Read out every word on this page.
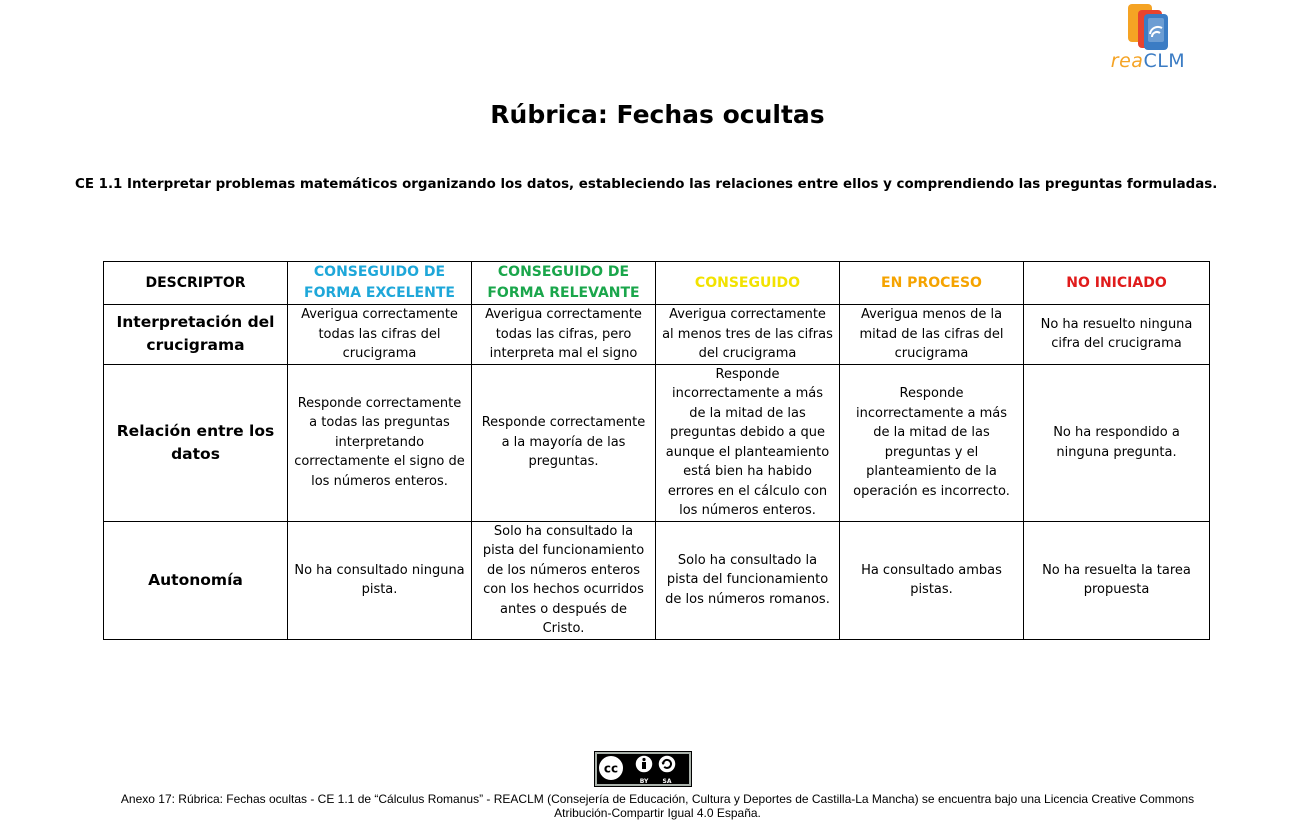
reaCLM
Rúbrica: Fechas ocultas
CE 1.1 Interpretar problemas matemáticos organizando los datos, estableciendo las relaciones entre ellos y comprendiendo las preguntas formuladas.
DESCRIPTOR	CONSEGUIDO DE FORMA EXCELENTE	CONSEGUIDO DE FORMA RELEVANTE	CONSEGUIDO	EN PROCESO	NO INICIADO
Interpretación del crucigrama	Averigua correctamente todas las cifras del crucigrama	Averigua correctamente todas las cifras, pero interpreta mal el signo	Averigua correctamente al menos tres de las cifras del crucigrama	Averigua menos de la mitad de las cifras del crucigrama	No ha resuelto ninguna cifra del crucigrama
Relación entre los datos	Responde correctamente a todas las preguntas interpretando correctamente el signo de los números enteros.	Responde correctamente a la mayoría de las preguntas.	Responde incorrectamente a más de la mitad de las preguntas debido a que aunque el planteamiento está bien ha habido errores en el cálculo con los números enteros.	Responde incorrectamente a más de la mitad de las preguntas y el planteamiento de la operación es incorrecto.	No ha respondido a ninguna pregunta.
Autonomía	No ha consultado ninguna pista.	Solo ha consultado la pista del funcionamiento de los números enteros con los hechos ocurridos antes o después de Cristo.	Solo ha consultado la pista del funcionamiento de los números romanos.	Ha consultado ambas pistas.	No ha resuelta la tarea propuesta
cc
BY SA
Anexo 17: Rúbrica: Fechas ocultas - CE 1.1 de “Cálculus Romanus” - REACLM (Consejería de Educación, Cultura y Deportes de Castilla-La Mancha) se encuentra bajo una Licencia Creative Commons Atribución-Compartir Igual 4.0 España.
